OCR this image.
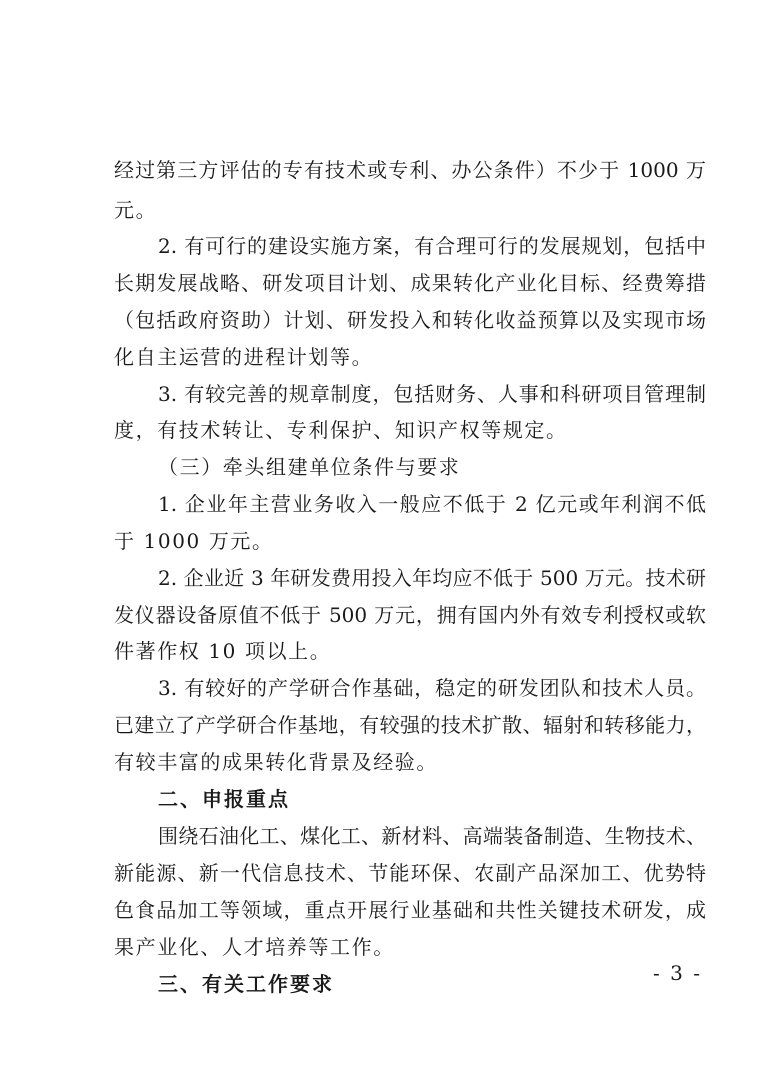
经过第三方评估的专有技术或专利、办公条件）不少于 1000 万
元。
2. 有可行的建设实施方案，有合理可行的发展规划，包括中
长期发展战略、研发项目计划、成果转化产业化目标、经费筹措
（包括政府资助）计划、研发投入和转化收益预算以及实现市场
化自主运营的进程计划等。
3. 有较完善的规章制度，包括财务、人事和科研项目管理制
度，有技术转让、专利保护、知识产权等规定。
（三）牵头组建单位条件与要求
1. 企业年主营业务收入一般应不低于 2 亿元或年利润不低
于 1000 万元。
2. 企业近 3 年研发费用投入年均应不低于 500 万元。技术研
发仪器设备原值不低于 500 万元，拥有国内外有效专利授权或软
件著作权 10 项以上。
3. 有较好的产学研合作基础，稳定的研发团队和技术人员。
已建立了产学研合作基地，有较强的技术扩散、辐射和转移能力，
有较丰富的成果转化背景及经验。
二、申报重点
围绕石油化工、煤化工、新材料、高端装备制造、生物技术、
新能源、新一代信息技术、节能环保、农副产品深加工、优势特
色食品加工等领域，重点开展行业基础和共性关键技术研发，成
果产业化、人才培养等工作。
三、有关工作要求	- 3 -
